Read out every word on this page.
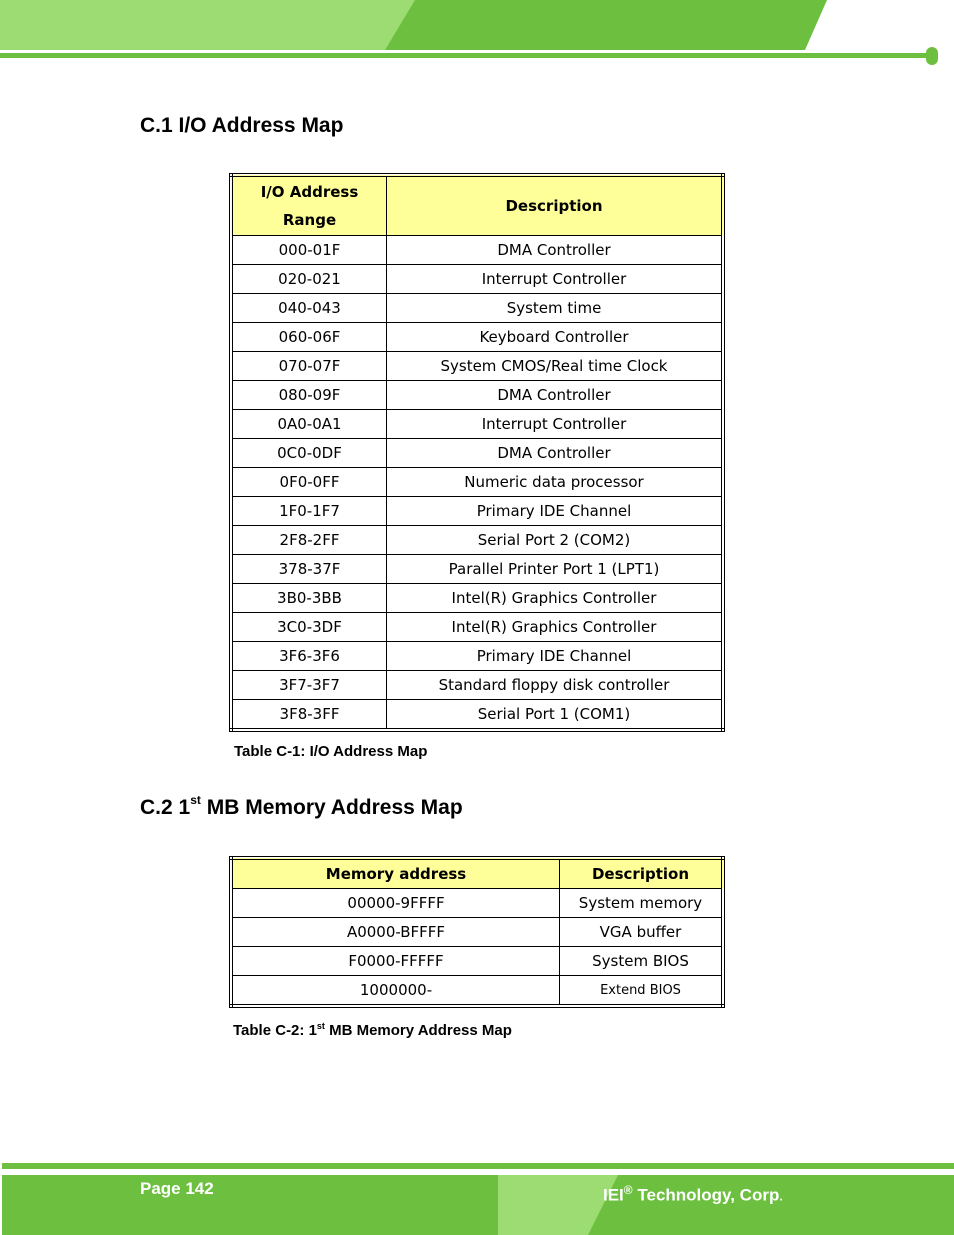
C.1 I/O Address Map
I/O Address Range	Description
000-01F	DMA Controller
020-021	Interrupt Controller
040-043	System time
060-06F	Keyboard Controller
070-07F	System CMOS/Real time Clock
080-09F	DMA Controller
0A0-0A1	Interrupt Controller
0C0-0DF	DMA Controller
0F0-0FF	Numeric data processor
1F0-1F7	Primary IDE Channel
2F8-2FF	Serial Port 2 (COM2)
378-37F	Parallel Printer Port 1 (LPT1)
3B0-3BB	Intel(R) Graphics Controller
3C0-3DF	Intel(R) Graphics Controller
3F6-3F6	Primary IDE Channel
3F7-3F7	Standard floppy disk controller
3F8-3FF	Serial Port 1 (COM1)
Table C-1: I/O Address Map
C.2 1st MB Memory Address Map
Memory address	Description
00000-9FFFF	System memory
A0000-BFFFF	VGA buffer
F0000-FFFFF	System BIOS
1000000-	Extend BIOS
Table C-2: 1st MB Memory Address Map
Page 142	IEI® Technology, Corp.
